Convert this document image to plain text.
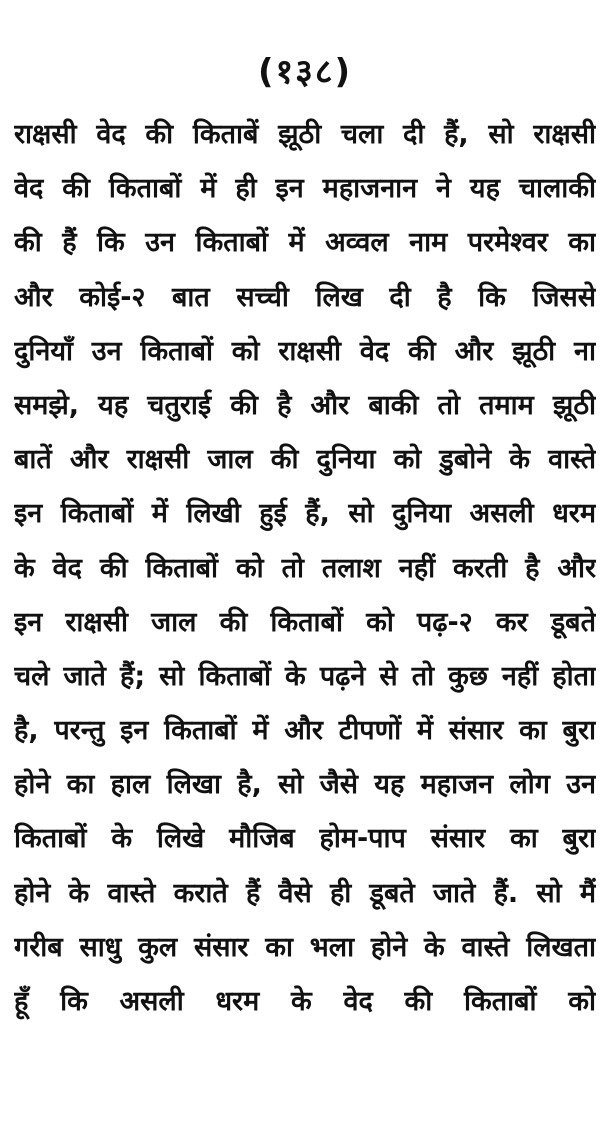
(१३८)
राक्षसी वेद की किताबें झूठी चला दी हैं, सो राक्षसी
वेद की किताबों में ही इन महाजनान ने यह चालाकी
की हैं कि उन किताबों में अव्वल नाम परमेश्वर का
और कोई-२ बात सच्ची लिख दी है कि जिससे
दुनियाँ उन किताबों को राक्षसी वेद की और झूठी ना
समझे, यह चतुराई की है और बाकी तो तमाम झूठी
बातें और राक्षसी जाल की दुनिया को डुबोने के वास्ते
इन किताबों में लिखी हुई हैं, सो दुनिया असली धरम
के वेद की किताबों को तो तलाश नहीं करती है और
इन राक्षसी जाल की किताबों को पढ़-२ कर डूबते
चले जाते हैं; सो किताबों के पढ़ने से तो कुछ नहीं होता
है, परन्तु इन किताबों में और टीपणों में संसार का बुरा
होने का हाल लिखा है, सो जैसे यह महाजन लोग उन
किताबों के लिखे मौजिब होम-पाप संसार का बुरा
होने के वास्ते कराते हैं वैसे ही डूबते जाते हैं. सो मैं
गरीब साधु कुल संसार का भला होने के वास्ते लिखता
हूँ कि असली धरम के वेद की किताबों को
